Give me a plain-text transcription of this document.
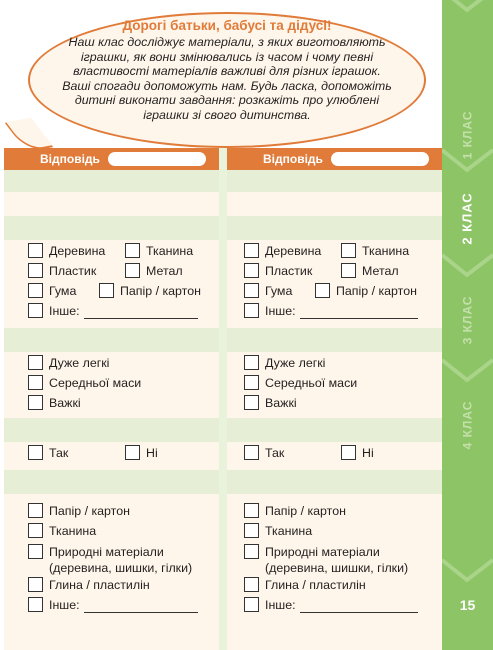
Дорогі батьки, бабусі та дідусі!
Наш клас досліджує матеріали, з яких виготовляють іграшки, як вони змінювались із часом і чому певні властивості матеріалів важливі для різних іграшок. Ваші спогади допоможуть нам. Будь ласка, допоможіть дитині виконати завдання: розкажіть про улюблені іграшки зі свого дитинства.	1 КЛАС
2 КЛАС
3 КЛАС
4 КЛАС
15
Відповідь
Деревина	Тканина
Пластик	Метал
Гума	Папір / картон
Інше:
Дуже легкі
Середньої маси
Важкі
Так	Ні
Папір / картон
Тканина
Природні матеріали
(деревина, шишки, гілки)
Глина / пластилін
Інше:
Відповідь
Деревина	Тканина
Пластик	Метал
Гума	Папір / картон
Інше:
Дуже легкі
Середньої маси
Важкі
Так	Ні
Папір / картон
Тканина
Природні матеріали
(деревина, шишки, гілки)
Глина / пластилін
Інше:
